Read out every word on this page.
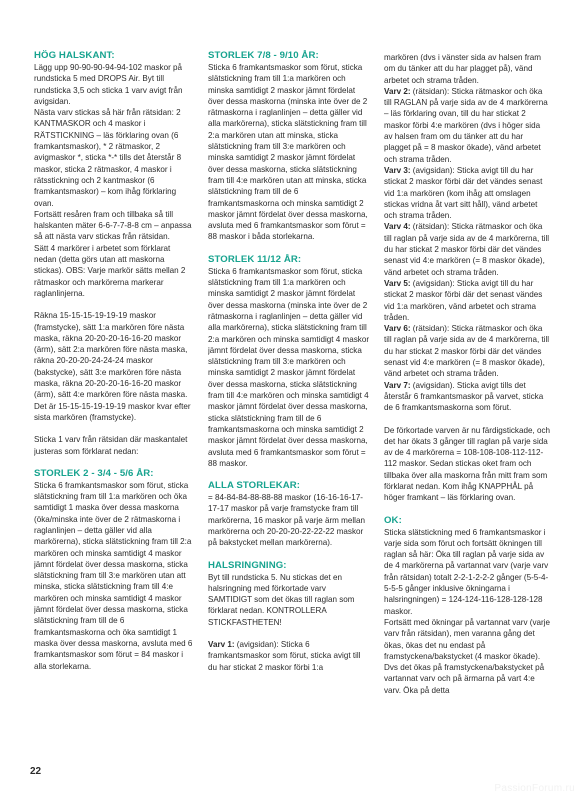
HÖG HALSKANT:

Lägg upp 90-90-90-94-94-102 maskor på rundsticka 5 med DROPS Air. Byt till rundsticka 3,5 och sticka 1 varv avigt från avigsidan.

Nästa varv stickas så här från rätsidan: 2 KANTMASKOR och 4 maskor i RÄTSTICKNING – läs förklaring ovan (6 framkantsmaskor), * 2 rätmaskor, 2 avigmaskor *, sticka *-* tills det återstår 8 maskor, sticka 2 rätmaskor, 4 maskor i rätsstickning och 2 kantmaskor (6 framkantsmaskor) – kom ihåg förklaring ovan.

Fortsätt resåren fram och tillbaka så till halskanten mäter 6-6-7-7-8-8 cm – anpassa så att nästa varv stickas från rätsidan.

Sätt 4 markörer i arbetet som förklarat nedan (detta görs utan att maskorna stickas). OBS: Varje markör sätts mellan 2 rätmaskor och markörerna markerar raglanlinjerna.

Räkna 15-15-15-19-19-19 maskor (framstycke), sätt 1:a markören före nästa maska, räkna 20-20-20-16-16-20 maskor (ärm), sätt 2:a markören före nästa maska, räkna 20-20-20-24-24-24 maskor (bakstycke), sätt 3:e markören före nästa maska, räkna 20-20-20-16-16-20 maskor (ärm), sätt 4:e markören före nästa maska. Det är 15-15-15-19-19-19 maskor kvar efter sista markören (framstycke).

Sticka 1 varv från rätsidan där maskantalet justeras som förklarat nedan:

STORLEK 2 - 3/4 - 5/6 ÅR:

Sticka 6 framkantsmaskor som förut, sticka slätstickning fram till 1:a markören och öka samtidigt 1 maska över dessa maskorna (öka/minska inte över de 2 rätmaskorna i raglanlinjen – detta gäller vid alla markörerna), sticka slätstickning fram till 2:a markören och minska samtidigt 4 maskor jämnt fördelat över dessa maskorna, sticka slätstickning fram till 3:e markören utan att minska, sticka slätstickning fram till 4:e markören och minska samtidigt 4 maskor jämnt fördelat över dessa maskorna, sticka slätstickning fram till de 6 framkantsmaskorna och öka samtidigt 1 maska över dessa maskorna, avsluta med 6 framkantsmaskor som förut = 84 maskor i alla storlekarna.

STORLEK 7/8 - 9/10 ÅR:

Sticka 6 framkantsmaskor som förut, sticka slätstickning fram till 1:a markören och minska samtidigt 2 maskor jämnt fördelat över dessa maskorna (minska inte över de 2 rätmaskorna i raglanlinjen – detta gäller vid alla markörerna), sticka slätstickning fram till 2:a markören utan att minska, sticka slätstickning fram till 3:e markören och minska samtidigt 2 maskor jämnt fördelat över dessa maskorna, sticka slätstickning fram till 4:e markören utan att minska, sticka slätstickning fram till de 6 framkantsmaskorna och minska samtidigt 2 maskor jämnt fördelat över dessa maskorna, avsluta med 6 framkantsmaskor som förut = 88 maskor i båda storlekarna.

STORLEK 11/12 ÅR:

Sticka 6 framkantsmaskor som förut, sticka slätstickning fram till 1:a markören och minska samtidigt 2 maskor jämnt fördelat över dessa maskorna (minska inte över de 2 rätmaskorna i raglanlinjen – detta gäller vid alla markörerna), sticka slätstickning fram till 2:a markören och minska samtidigt 4 maskor jämnt fördelat över dessa maskorna, sticka slätstickning fram till 3:e markören och minska samtidigt 2 maskor jämnt fördelat över dessa maskorna, sticka slätstickning fram till 4:e markören och minska samtidigt 4 maskor jämnt fördelat över dessa maskorna, sticka slätstickning fram till de 6 framkantsmaskorna och minska samtidigt 2 maskor jämnt fördelat över dessa maskorna, avsluta med 6 framkantsmaskor som förut = 88 maskor.

ALLA STORLEKAR:

= 84-84-84-88-88-88 maskor (16-16-16-17-17-17 maskor på varje framstycke fram till markörerna, 16 maskor på varje ärm mellan markörerna och 20-20-20-22-22-22 maskor på bakstycket mellan markörerna).

HALSRINGNING:

Byt till rundsticka 5. Nu stickas det en halsringning med förkortade varv SAMTIDIGT som det ökas till raglan som förklarat nedan. KONTROLLERA STICKFASTHETEN!

Varv 1: (avigsidan): Sticka 6 framkantsmaskor som förut, sticka avigt till du har stickat 2 maskor förbi 1:a

markören (dvs i vänster sida av halsen fram om du tänker att du har plagget på), vänd arbetet och strama tråden.

Varv 2: (rätsidan): Sticka rätmaskor och öka till RAGLAN på varje sida av de 4 markörerna – läs förklaring ovan, till du har stickat 2 maskor förbi 4:e markören (dvs i höger sida av halsen fram om du tänker att du har plagget på = 8 maskor ökade), vänd arbetet och strama tråden.

Varv 3: (avigsidan): Sticka avigt till du har stickat 2 maskor förbi där det vändes senast vid 1:a markören (kom ihåg att omslagen stickas vridna åt vart sitt håll), vänd arbetet och strama tråden.

Varv 4: (rätsidan): Sticka rätmaskor och öka till raglan på varje sida av de 4 markörerna, till du har stickat 2 maskor förbi där det vändes senast vid 4:e markören (= 8 maskor ökade), vänd arbetet och strama tråden.

Varv 5: (avigsidan): Sticka avigt till du har stickat 2 maskor förbi där det senast vändes vid 1:a markören, vänd arbetet och strama tråden.

Varv 6: (rätsidan): Sticka rätmaskor och öka till raglan på varje sida av de 4 markörerna, till du har stickat 2 maskor förbi där det vändes senast vid 4:e markören (= 8 maskor ökade), vänd arbetet och strama tråden.

Varv 7: (avigsidan). Sticka avigt tills det återstår 6 framkantsmaskor på varvet, sticka de 6 framkantsmaskorna som förut.

De förkortade varven är nu färdigstickade, och det har ökats 3 gånger till raglan på varje sida av de 4 markörerna = 108-108-108-112-112-112 maskor. Sedan stickas oket fram och tillbaka över alla maskorna från mitt fram som förklarat nedan. Kom ihåg KNAPPHÅL på höger framkant – läs förklaring ovan.

OK:

Sticka slätstickning med 6 framkantsmaskor i varje sida som förut och fortsätt ökningen till raglan så här: Öka till raglan på varje sida av de 4 markörerna på vartannat varv (varje varv från rätsidan) totalt 2-2-1-2-2-2 gånger (5-5-4-5-5-5 gånger inklusive ökningarna i halsringningen) = 124-124-116-128-128-128 maskor.

Fortsätt med ökningar på vartannat varv (varje varv från rätsidan), men varanna gång det ökas, ökas det nu endast på framstyckena/bakstycket (4 maskor ökade). Dvs det ökas på framstyckena/bakstycket på vartannat varv och på ärmarna på vart 4:e varv. Öka på detta

22
PassionForum.ru
